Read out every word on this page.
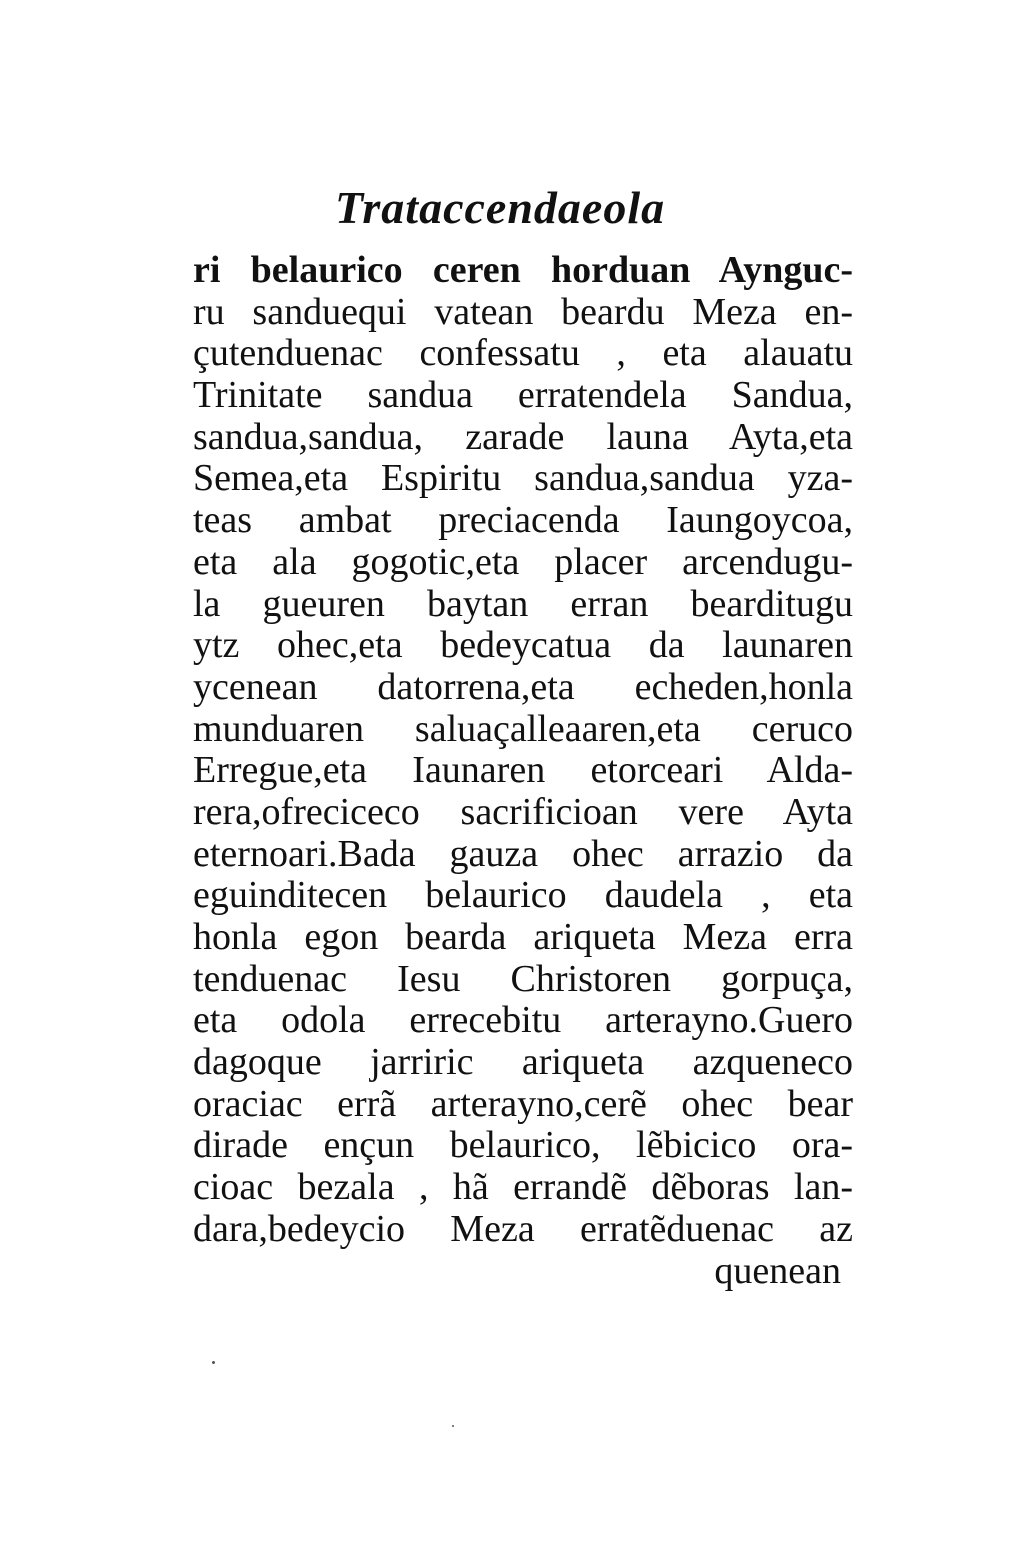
Trataccendaeola
ri belaurico ceren horduan Aynguc-
ru sanduequi vatean beardu Meza en-
çutenduenac confessatu , eta alauatu
Trinitate sandua erratendela Sandua,
sandua,sandua, zarade launa Ayta,eta
Semea,eta Espiritu sandua,sandua yza-
teas ambat preciacenda Iaungoycoa,
eta ala gogotic,eta placer arcendugu-
la gueuren baytan erran bearditugu
ytz ohec,eta bedeycatua da launaren
ycenean datorrena,eta echeden,honla
munduaren saluaçalleaaren,eta ceruco
Erregue,eta Iaunaren etorceari Alda-
rera,ofreciceco sacrificioan vere Ayta
eternoari.Bada gauza ohec arrazio da
eguinditecen belaurico daudela , eta
honla egon bearda ariqueta Meza erra
tenduenac Iesu Christoren gorpuça,
eta odola errecebitu arterayno.Guero
dagoque jarriric ariqueta azqueneco
oraciac errã arterayno,cerẽ ohec bear
dirade ençun belaurico, lẽbicico ora-
cioac bezala , hã errandẽ dẽboras lan-
dara,bedeycio Meza erratẽduenac az
quenean
